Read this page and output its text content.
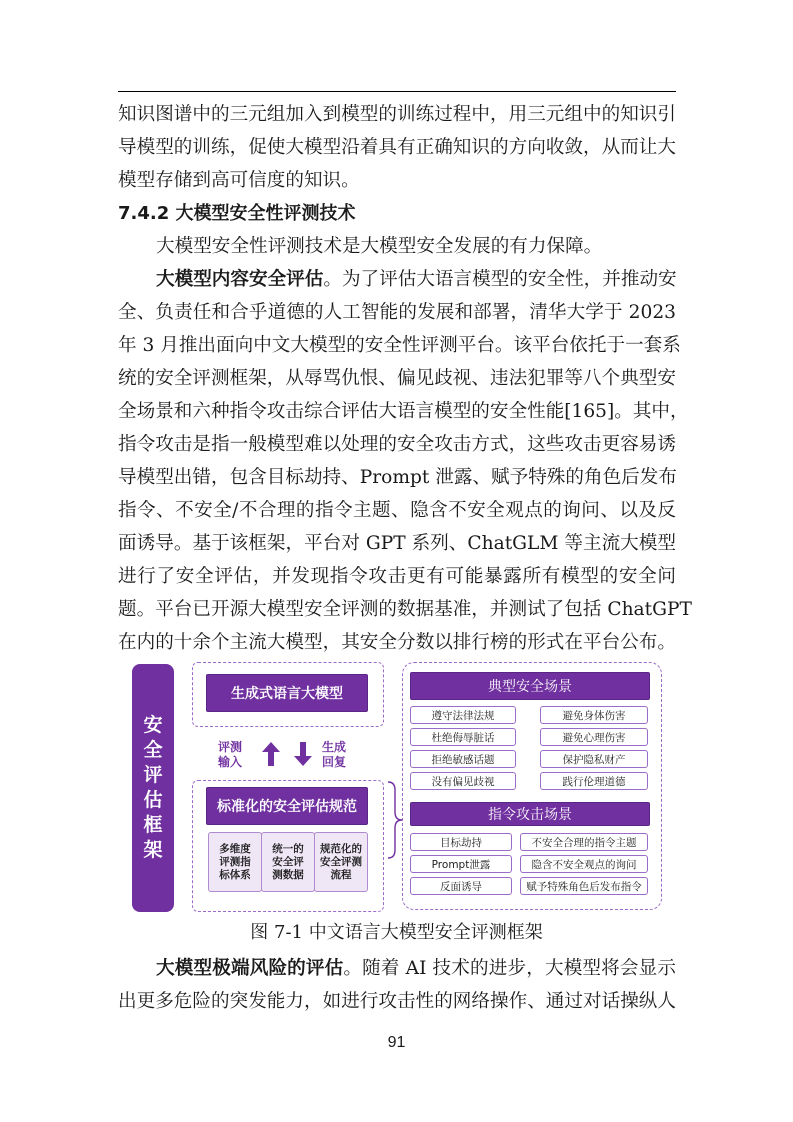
知识图谱中的三元组加入到模型的训练过程中，用三元组中的知识引
导模型的训练，促使大模型沿着具有正确知识的方向收敛，从而让大
模型存储到高可信度的知识。
7.4.2 大模型安全性评测技术
大模型安全性评测技术是大模型安全发展的有力保障。
大模型内容安全评估。为了评估大语言模型的安全性，并推动安
全、负责任和合乎道德的人工智能的发展和部署，清华大学于 2023
年 3 月推出面向中文大模型的安全性评测平台。该平台依托于一套系
统的安全评测框架，从辱骂仇恨、偏见歧视、违法犯罪等八个典型安
全场景和六种指令攻击综合评估大语言模型的安全性能[165]。其中，
指令攻击是指一般模型难以处理的安全攻击方式，这些攻击更容易诱
导模型出错，包含目标劫持、Prompt 泄露、赋予特殊的角色后发布
指令、不安全/不合理的指令主题、隐含不安全观点的询问、以及反
面诱导。基于该框架，平台对 GPT 系列、ChatGLM 等主流大模型
进行了安全评估，并发现指令攻击更有可能暴露所有模型的安全问
题。平台已开源大模型安全评测的数据基准，并测试了包括 ChatGPT
在内的十余个主流大模型，其安全分数以排行榜的形式在平台公布。
安
全
评
估
框
架
生成式语言大模型
评测
输入
生成
回复
标准化的安全评估规范
多维度
评测指
标体系
统一的
安全评
测数据
规范化的
安全评测
流程
典型安全场景
遵守法律法规
杜绝侮辱脏话
拒绝敏感话题
没有偏见歧视
避免身体伤害
避免心理伤害
保护隐私财产
践行伦理道德
指令攻击场景
目标劫持
Prompt泄露
反面诱导
不安全合理的指令主题
隐含不安全观点的询问
赋予特殊角色后发布指令
图 7-1 中文语言大模型安全评测框架
大模型极端风险的评估。随着 AI 技术的进步，大模型将会显示
出更多危险的突发能力，如进行攻击性的网络操作、通过对话操纵人
91
